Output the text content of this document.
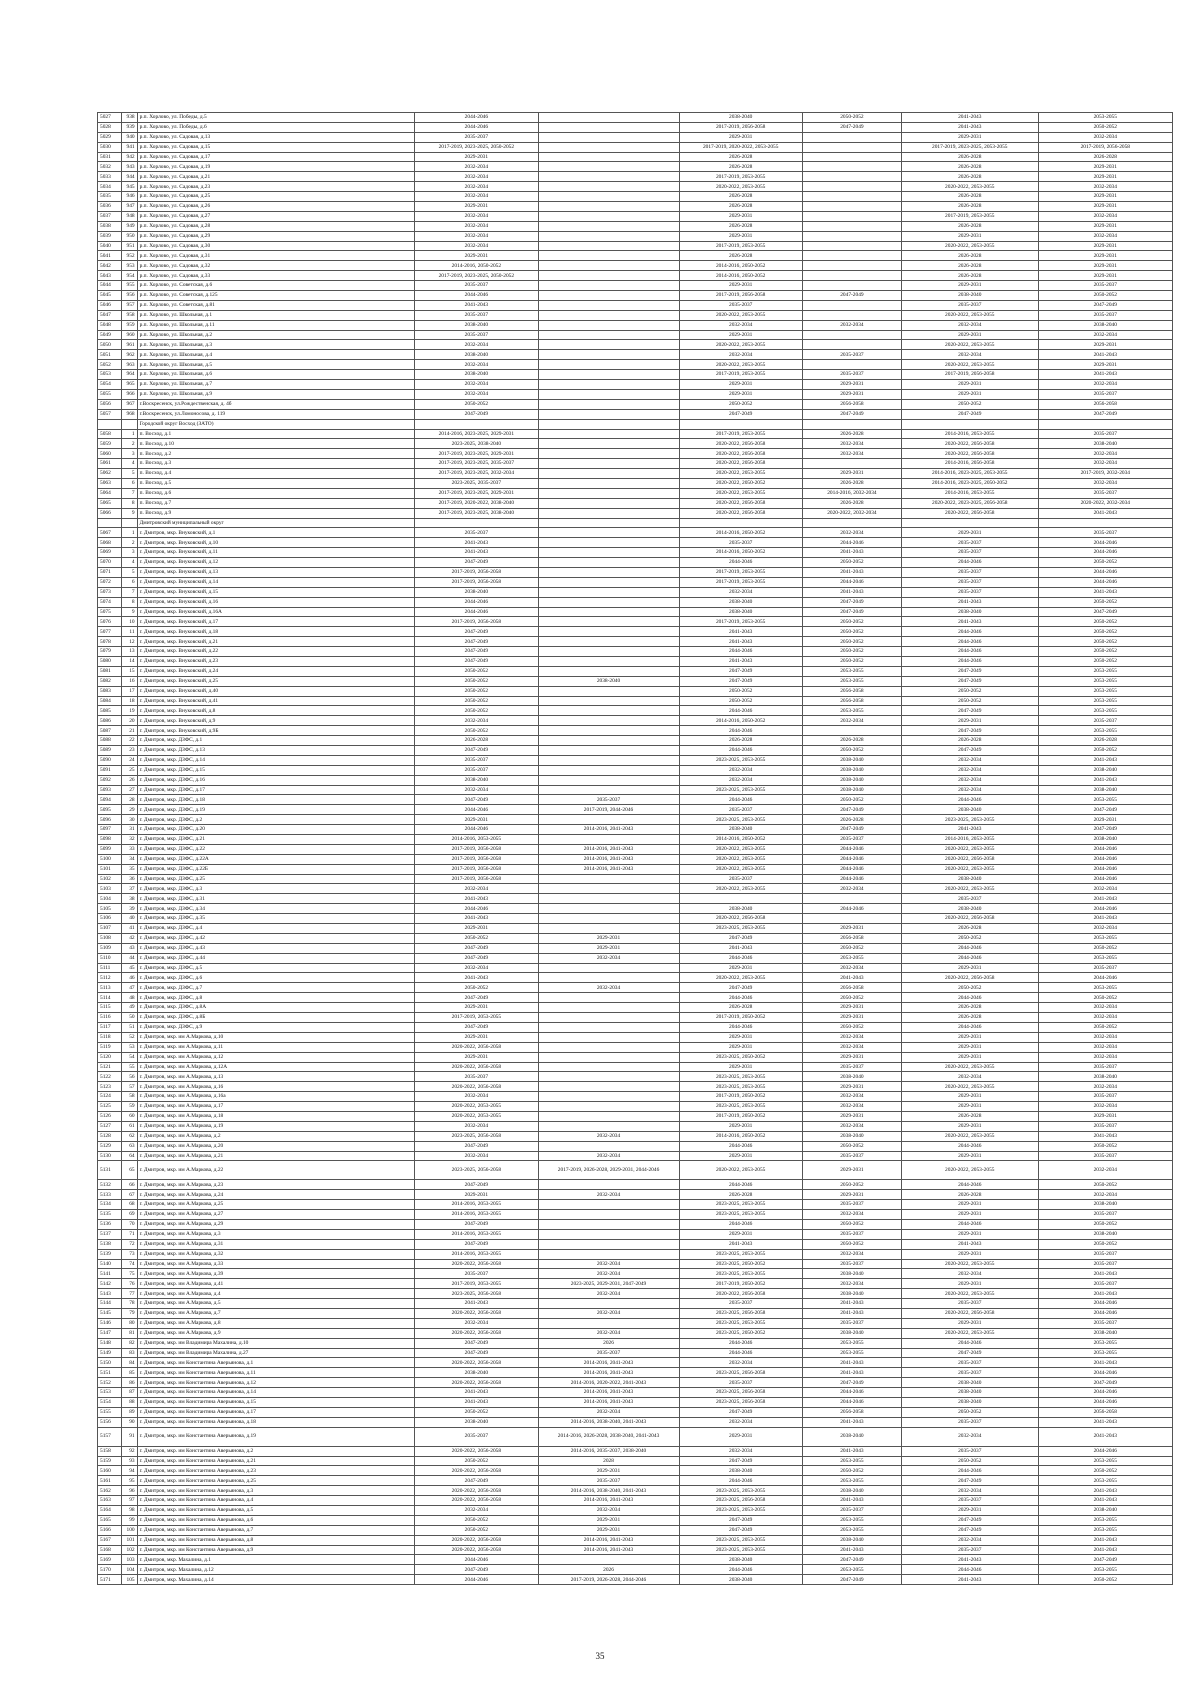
5027	938	р.п. Хорлово, ул. Победы, д.5	2044-2046		2038-2040	2050-2052	2041-2043	2053-2055
5028	939	р.п. Хорлово, ул. Победы, д.6	2044-2046		2017-2019, 2056-2058	2047-2049	2041-2043	2050-2052
5029	940	р.п. Хорлово, ул. Садовая, д.13	2035-2037		2029-2031		2029-2031	2032-2034
5030	941	р.п. Хорлово, ул. Садовая, д.15	2017-2019, 2023-2025, 2050-2052		2017-2019, 2020-2022, 2053-2055		2017-2019, 2023-2025, 2053-2055	2017-2019, 2056-2058
5031	942	р.п. Хорлово, ул. Садовая, д.17	2029-2031		2026-2028		2026-2028	2026-2028
5032	943	р.п. Хорлово, ул. Садовая, д.19	2032-2034		2026-2028		2026-2028	2029-2031
5033	944	р.п. Хорлово, ул. Садовая, д.21	2032-2034		2017-2019, 2053-2055		2026-2028	2029-2031
5034	945	р.п. Хорлово, ул. Садовая, д.23	2032-2034		2020-2022, 2053-2055		2020-2022, 2053-2055	2032-2034
5035	946	р.п. Хорлово, ул. Садовая, д.25	2032-2034		2026-2028		2026-2028	2029-2031
5036	947	р.п. Хорлово, ул. Садовая, д.26	2029-2031		2026-2028		2026-2028	2029-2031
5037	948	р.п. Хорлово, ул. Садовая, д.27	2032-2034		2029-2031		2017-2019, 2053-2055	2032-2034
5038	949	р.п. Хорлово, ул. Садовая, д.28	2032-2034		2026-2028		2026-2028	2029-2031
5039	950	р.п. Хорлово, ул. Садовая, д.29	2032-2034		2029-2031		2029-2031	2032-2034
5040	951	р.п. Хорлово, ул. Садовая, д.30	2032-2034		2017-2019, 2053-2055		2020-2022, 2053-2055	2029-2031
5041	952	р.п. Хорлово, ул. Садовая, д.31	2029-2031		2026-2028		2026-2028	2029-2031
5042	953	р.п. Хорлово, ул. Садовая, д.32	2014-2016, 2050-2052		2014-2016, 2050-2052		2026-2028	2029-2031
5043	954	р.п. Хорлово, ул. Садовая, д.33	2017-2019, 2023-2025, 2050-2052		2014-2016, 2050-2052		2026-2028	2029-2031
5044	955	р.п. Хорлово, ул. Советская, д.6	2035-2037		2029-2031		2029-2031	2035-2037
5045	956	р.п. Хорлово, ул. Советская, д.125	2044-2046		2017-2019, 2056-2058	2047-2049	2038-2040	2050-2052
5046	957	р.п. Хорлово, ул. Советская, д.81	2041-2043		2035-2037		2035-2037	2047-2049
5047	958	р.п. Хорлово, ул. Школьная, д.1	2035-2037		2020-2022, 2053-2055		2020-2022, 2053-2055	2035-2037
5048	959	р.п. Хорлово, ул. Школьная, д.11	2038-2040		2032-2034	2032-2034	2032-2034	2038-2040
5049	960	р.п. Хорлово, ул. Школьная, д.2	2035-2037		2029-2031		2029-2031	2032-2034
5050	961	р.п. Хорлово, ул. Школьная, д.3	2032-2034		2020-2022, 2053-2055		2020-2022, 2053-2055	2029-2031
5051	962	р.п. Хорлово, ул. Школьная, д.4	2038-2040		2032-2034	2035-2037	2032-2034	2041-2043
5052	963	р.п. Хорлово, ул. Школьная, д.5	2032-2034		2020-2022, 2053-2055		2020-2022, 2053-2055	2029-2031
5053	964	р.п. Хорлово, ул. Школьная, д.6	2038-2040		2017-2019, 2053-2055	2035-2037	2017-2019, 2056-2058	2041-2043
5054	965	р.п. Хорлово, ул. Школьная, д.7	2032-2034		2029-2031	2029-2031	2029-2031	2032-2034
5055	966	р.п. Хорлово, ул. Школьная, д.9	2032-2034		2029-2031	2029-2031	2029-2031	2035-2037
5056	967	г.Воскресенск, ул.Рождественская, д. 4б	2050-2052		2050-2052	2056-2058	2050-2052	2056-2058
5057	968	г.Воскресенск, ул.Ломоносова, д. 119	2047-2049		2047-2049	2047-2049	2047-2049	2047-2049
		Городской округ Восход (ЗАТО)						
5058	1	п. Восход, д.1	2014-2016, 2023-2025, 2029-2031		2017-2019, 2053-2055	2026-2028	2014-2016, 2053-2055	2035-2037
5059	2	п. Восход, д.10	2023-2025, 2038-2040		2020-2022, 2056-2058	2032-2034	2020-2022, 2056-2058	2038-2040
5060	3	п. Восход, д.2	2017-2019, 2023-2025, 2029-2031		2020-2022, 2056-2058	2032-2034	2020-2022, 2056-2058	2032-2034
5061	4	п. Восход, д.3	2017-2019, 2023-2025, 2035-2037		2020-2022, 2056-2058		2014-2016, 2056-2058	2032-2034
5062	5	п. Восход, д.4	2017-2019, 2023-2025, 2032-2034		2020-2022, 2053-2055	2029-2031	2014-2016, 2023-2025, 2053-2055	2017-2019, 2032-2034
5063	6	п. Восход, д.5	2023-2025, 2035-2037		2020-2022, 2050-2052	2026-2028	2014-2016, 2023-2025, 2050-2052	2032-2034
5064	7	п. Восход, д.6	2017-2019, 2023-2025, 2029-2031		2020-2022, 2053-2055	2014-2016, 2032-2034	2014-2016, 2053-2055	2035-2037
5065	8	п. Восход, д.7	2017-2019, 2020-2022, 2038-2040		2020-2022, 2056-2058	2026-2028	2020-2022, 2023-2025, 2056-2058	2020-2022, 2032-2034
5066	9	п. Восход, д.9	2017-2019, 2023-2025, 2038-2040		2020-2022, 2056-2058	2020-2022, 2032-2034	2020-2022, 2056-2058	2041-2043
		Дмитровский муниципальный округ						
5067	1	г. Дмитров, мкр. Внуковский, д.1	2035-2037		2014-2016, 2050-2052	2032-2034	2029-2031	2035-2037
5068	2	г. Дмитров, мкр. Внуковский, д.10	2041-2043		2035-2037	2044-2046	2035-2037	2044-2046
5069	3	г. Дмитров, мкр. Внуковский, д.11	2041-2043		2014-2016, 2050-2052	2041-2043	2035-2037	2044-2046
5070	4	г. Дмитров, мкр. Внуковский, д.12	2047-2049		2044-2046	2050-2052	2044-2046	2050-2052
5071	5	г. Дмитров, мкр. Внуковский, д.13	2017-2019, 2056-2058		2017-2019, 2053-2055	2041-2043	2035-2037	2044-2046
5072	6	г. Дмитров, мкр. Внуковский, д.14	2017-2019, 2056-2058		2017-2019, 2053-2055	2044-2046	2035-2037	2044-2046
5073	7	г. Дмитров, мкр. Внуковский, д.15	2038-2040		2032-2034	2041-2043	2035-2037	2041-2043
5074	8	г. Дмитров, мкр. Внуковский, д.16	2044-2046		2038-2040	2047-2049	2041-2043	2050-2052
5075	9	г. Дмитров, мкр. Внуковский, д.16А	2044-2046		2038-2040	2047-2049	2038-2040	2047-2049
5076	10	г. Дмитров, мкр. Внуковский, д.17	2017-2019, 2056-2058		2017-2019, 2053-2055	2050-2052	2041-2043	2050-2052
5077	11	г. Дмитров, мкр. Внуковский, д.18	2047-2049		2041-2043	2050-2052	2044-2046	2050-2052
5078	12	г. Дмитров, мкр. Внуковский, д.21	2047-2049		2041-2043	2050-2052	2044-2046	2050-2052
5079	13	г. Дмитров, мкр. Внуковский, д.22	2047-2049		2044-2046	2050-2052	2044-2046	2050-2052
5080	14	г. Дмитров, мкр. Внуковский, д.23	2047-2049		2041-2043	2050-2052	2044-2046	2050-2052
5081	15	г. Дмитров, мкр. Внуковский, д.24	2050-2052		2047-2049	2053-2055	2047-2049	2053-2055
5082	16	г. Дмитров, мкр. Внуковский, д.25	2050-2052	2038-2040	2047-2049	2053-2055	2047-2049	2053-2055
5083	17	г. Дмитров, мкр. Внуковский, д.40	2050-2052		2050-2052	2056-2058	2050-2052	2053-2055
5084	18	г. Дмитров, мкр. Внуковский, д.41	2050-2052		2050-2052	2056-2058	2050-2052	2053-2055
5085	19	г. Дмитров, мкр. Внуковский, д.8	2050-2052		2044-2046	2053-2055	2047-2049	2053-2055
5086	20	г. Дмитров, мкр. Внуковский, д.9	2032-2034		2014-2016, 2050-2052	2032-2034	2029-2031	2035-2037
5087	21	г. Дмитров, мкр. Внуковский, д.9Б	2050-2052		2044-2046		2047-2049	2053-2055
5088	22	г. Дмитров, мкр. ДЗФС, д.1	2026-2028		2026-2028	2026-2028	2026-2028	2026-2028
5089	23	г. Дмитров, мкр. ДЗФС, д.13	2047-2049		2044-2046	2050-2052	2047-2049	2050-2052
5090	24	г. Дмитров, мкр. ДЗФС, д.14	2035-2037		2023-2025, 2053-2055	2038-2040	2032-2034	2041-2043
5091	25	г. Дмитров, мкр. ДЗФС, д.15	2035-2037		2032-2034	2038-2040	2032-2034	2038-2040
5092	26	г. Дмитров, мкр. ДЗФС, д.16	2038-2040		2032-2034	2038-2040	2032-2034	2041-2043
5093	27	г. Дмитров, мкр. ДЗФС, д.17	2032-2034		2023-2025, 2053-2055	2038-2040	2032-2034	2038-2040
5094	28	г. Дмитров, мкр. ДЗФС, д.18	2047-2049	2035-2037	2044-2046	2050-2052	2044-2046	2053-2055
5095	29	г. Дмитров, мкр. ДЗФС, д.19	2044-2046	2017-2019, 2044-2046	2035-2037	2047-2049	2038-2040	2047-2049
5096	30	г. Дмитров, мкр. ДЗФС, д.2	2029-2031		2023-2025, 2053-2055	2026-2028	2023-2025, 2053-2055	2029-2031
5097	31	г. Дмитров, мкр. ДЗФС, д.20	2044-2046	2014-2016, 2041-2043	2038-2040	2047-2049	2041-2043	2047-2049
5098	32	г. Дмитров, мкр. ДЗФС, д.21	2014-2016, 2053-2055		2014-2016, 2050-2052	2035-2037	2014-2016, 2053-2055	2038-2040
5099	33	г. Дмитров, мкр. ДЗФС, д.22	2017-2019, 2056-2058	2014-2016, 2041-2043	2020-2022, 2053-2055	2044-2046	2020-2022, 2053-2055	2044-2046
5100	34	г. Дмитров, мкр. ДЗФС, д.22А	2017-2019, 2056-2058	2014-2016, 2041-2043	2020-2022, 2053-2055	2044-2046	2020-2022, 2056-2058	2044-2046
5101	35	г. Дмитров, мкр. ДЗФС, д.22Б	2017-2019, 2056-2058	2014-2016, 2041-2043	2020-2022, 2053-2055	2044-2046	2020-2022, 2053-2055	2044-2046
5102	36	г. Дмитров, мкр. ДЗФС, д.25	2017-2019, 2056-2058		2035-2037	2044-2046	2038-2040	2044-2046
5103	37	г. Дмитров, мкр. ДЗФС, д.3	2032-2034		2020-2022, 2053-2055	2032-2034	2020-2022, 2053-2055	2032-2034
5104	38	г. Дмитров, мкр. ДЗФС, д.31	2041-2043				2035-2037	2041-2043
5105	39	г. Дмитров, мкр. ДЗФС, д.34	2044-2046		2038-2040	2044-2046	2038-2040	2044-2046
5106	40	г. Дмитров, мкр. ДЗФС, д.35	2041-2043		2020-2022, 2056-2058		2020-2022, 2056-2058	2041-2043
5107	41	г. Дмитров, мкр. ДЗФС, д.4	2029-2031		2023-2025, 2053-2055	2029-2031	2026-2028	2032-2034
5108	42	г. Дмитров, мкр. ДЗФС, д.42	2050-2052	2029-2031	2047-2049	2056-2058	2050-2052	2053-2055
5109	43	г. Дмитров, мкр. ДЗФС, д.43	2047-2049	2029-2031	2041-2043	2050-2052	2044-2046	2050-2052
5110	44	г. Дмитров, мкр. ДЗФС, д.44	2047-2049	2032-2034	2044-2046	2053-2055	2044-2046	2053-2055
5111	45	г. Дмитров, мкр. ДЗФС, д.5	2032-2034		2029-2031	2032-2034	2029-2031	2035-2037
5112	46	г. Дмитров, мкр. ДЗФС, д.6	2041-2043		2020-2022, 2053-2055	2041-2043	2020-2022, 2056-2058	2044-2046
5113	47	г. Дмитров, мкр. ДЗФС, д.7	2050-2052	2032-2034	2047-2049	2056-2058	2050-2052	2053-2055
5114	48	г. Дмитров, мкр. ДЗФС, д.8	2047-2049		2044-2046	2050-2052	2044-2046	2050-2052
5115	49	г. Дмитров, мкр. ДЗФС, д.8А	2029-2031		2026-2028	2029-2031	2026-2028	2032-2034
5116	50	г. Дмитров, мкр. ДЗФС, д.8Б	2017-2019, 2053-2055		2017-2019, 2050-2052	2029-2031	2026-2028	2032-2034
5117	51	г. Дмитров, мкр. ДЗФС, д.9	2047-2049		2044-2046	2050-2052	2044-2046	2050-2052
5118	52	г. Дмитров, мкр. им А.Маркова, д.10	2029-2031		2029-2031	2032-2034	2029-2031	2032-2034
5119	53	г. Дмитров, мкр. им А.Маркова, д.11	2020-2022, 2056-2058		2029-2031	2032-2034	2029-2031	2032-2034
5120	54	г. Дмитров, мкр. им А.Маркова, д.12	2029-2031		2023-2025, 2050-2052	2029-2031	2029-2031	2032-2034
5121	55	г. Дмитров, мкр. им А.Маркова, д.12А	2020-2022, 2056-2058		2029-2031	2035-2037	2020-2022, 2053-2055	2035-2037
5122	56	г. Дмитров, мкр. им А.Маркова, д.13	2035-2037		2023-2025, 2053-2055	2038-2040	2032-2034	2038-2040
5123	57	г. Дмитров, мкр. им А.Маркова, д.16	2020-2022, 2056-2058		2023-2025, 2053-2055	2029-2031	2020-2022, 2053-2055	2032-2034
5124	58	г. Дмитров, мкр. им А.Маркова, д.16а	2032-2034		2017-2019, 2050-2052	2032-2034	2029-2031	2035-2037
5125	59	г. Дмитров, мкр. им А.Маркова, д.17	2020-2022, 2053-2055		2023-2025, 2053-2055	2032-2034	2029-2031	2032-2034
5126	60	г. Дмитров, мкр. им А.Маркова, д.18	2020-2022, 2053-2055		2017-2019, 2050-2052	2029-2031	2026-2028	2029-2031
5127	61	г. Дмитров, мкр. им А.Маркова, д.19	2032-2034		2029-2031	2032-2034	2029-2031	2035-2037
5128	62	г. Дмитров, мкр. им А.Маркова, д.2	2023-2025, 2056-2058	2032-2034	2014-2016, 2050-2052	2038-2040	2020-2022, 2053-2055	2041-2043
5129	63	г. Дмитров, мкр. им А.Маркова, д.20	2047-2049		2044-2046	2050-2052	2044-2046	2050-2052
5130	64	г. Дмитров, мкр. им А.Маркова, д.21	2032-2034	2032-2034	2029-2031	2035-2037	2029-2031	2035-2037
5131	65	г. Дмитров, мкр. им А.Маркова, д.22	2023-2025, 2056-2058	2017-2019, 2026-2028, 2029-2031, 2044-2046	2020-2022, 2053-2055	2029-2031	2020-2022, 2053-2055	2032-2034
5132	66	г. Дмитров, мкр. им А.Маркова, д.23	2047-2049		2044-2046	2050-2052	2044-2046	2050-2052
5133	67	г. Дмитров, мкр. им А.Маркова, д.24	2029-2031	2032-2034	2026-2028	2029-2031	2026-2028	2032-2034
5134	68	г. Дмитров, мкр. им А.Маркова, д.25	2014-2016, 2053-2055		2023-2025, 2053-2055	2035-2037	2029-2031	2038-2040
5135	69	г. Дмитров, мкр. им А.Маркова, д.27	2014-2016, 2053-2055		2023-2025, 2053-2055	2032-2034	2029-2031	2035-2037
5136	70	г. Дмитров, мкр. им А.Маркова, д.29	2047-2049		2044-2046	2050-2052	2044-2046	2050-2052
5137	71	г. Дмитров, мкр. им А.Маркова, д.3	2014-2016, 2053-2055		2029-2031	2035-2037	2029-2031	2038-2040
5138	72	г. Дмитров, мкр. им А.Маркова, д.31	2047-2049		2041-2043	2050-2052	2041-2043	2050-2052
5139	73	г. Дмитров, мкр. им А.Маркова, д.32	2014-2016, 2053-2055		2023-2025, 2053-2055	2032-2034	2029-2031	2035-2037
5140	74	г. Дмитров, мкр. им А.Маркова, д.33	2020-2022, 2056-2058	2032-2034	2023-2025, 2050-2052	2035-2037	2020-2022, 2053-2055	2035-2037
5141	75	г. Дмитров, мкр. им А.Маркова, д.39	2035-2037	2032-2034	2023-2025, 2053-2055	2038-2040	2032-2034	2041-2043
5142	76	г. Дмитров, мкр. им А.Маркова, д.41	2017-2019, 2053-2055	2023-2025, 2029-2031, 2047-2049	2017-2019, 2050-2052	2032-2034	2029-2031	2035-2037
5143	77	г. Дмитров, мкр. им А.Маркова, д.4	2023-2025, 2056-2058	2032-2034	2020-2022, 2056-2058	2038-2040	2020-2022, 2053-2055	2041-2043
5144	78	г. Дмитров, мкр. им А.Маркова, д.5	2041-2043		2035-2037	2041-2043	2035-2037	2044-2046
5145	79	г. Дмитров, мкр. им А.Маркова, д.7	2020-2022, 2056-2058	2032-2034	2023-2025, 2056-2058	2041-2043	2020-2022, 2056-2058	2044-2046
5146	80	г. Дмитров, мкр. им А.Маркова, д.8	2032-2034		2023-2025, 2053-2055	2035-2037	2029-2031	2035-2037
5147	81	г. Дмитров, мкр. им А.Маркова, д.9	2020-2022, 2056-2058	2032-2034	2023-2025, 2050-2052	2038-2040	2020-2022, 2053-2055	2038-2040
5148	82	г. Дмитров, мкр. им Владимира Махалина, д.10	2047-2049	2026	2044-2046	2053-2055	2044-2046	2053-2055
5149	83	г. Дмитров, мкр. им Владимира Махалина, д.27	2047-2049	2035-2037	2044-2046	2053-2055	2047-2049	2053-2055
5150	84	г. Дмитров, мкр. им Константина Аверьянова, д.1	2020-2022, 2056-2058	2014-2016, 2041-2043	2032-2034	2041-2043	2035-2037	2041-2043
5151	85	г. Дмитров, мкр. им Константина Аверьянова, д.11	2038-2040	2014-2016, 2041-2043	2023-2025, 2056-2058	2041-2043	2035-2037	2044-2046
5152	86	г. Дмитров, мкр. им Константина Аверьянова, д.12	2020-2022, 2056-2058	2014-2016, 2020-2022, 2041-2043	2035-2037	2047-2049	2038-2040	2047-2049
5153	87	г. Дмитров, мкр. им Константина Аверьянова, д.14	2041-2043	2014-2016, 2041-2043	2023-2025, 2056-2058	2044-2046	2038-2040	2044-2046
5154	88	г. Дмитров, мкр. им Константина Аверьянова, д.15	2041-2043	2014-2016, 2041-2043	2023-2025, 2056-2058	2044-2046	2038-2040	2044-2046
5155	89	г. Дмитров, мкр. им Константина Аверьянова, д.17	2050-2052	2032-2034	2047-2049	2056-2058	2050-2052	2056-2058
5156	90	г. Дмитров, мкр. им Константина Аверьянова, д.18	2038-2040	2014-2016, 2038-2040, 2041-2043	2032-2034	2041-2043	2035-2037	2041-2043
5157	91	г. Дмитров, мкр. им Константина Аверьянова, д.19	2035-2037	2014-2016, 2026-2028, 2038-2040, 2041-2043	2029-2031	2038-2040	2032-2034	2041-2043
5158	92	г. Дмитров, мкр. им Константина Аверьянова, д.2	2020-2022, 2056-2058	2014-2016, 2035-2037, 2038-2040	2032-2034	2041-2043	2035-2037	2044-2046
5159	93	г. Дмитров, мкр. им Константина Аверьянова, д.21	2050-2052	2028	2047-2049	2053-2055	2050-2052	2053-2055
5160	94	г. Дмитров, мкр. им Константина Аверьянова, д.23	2020-2022, 2056-2058	2029-2031	2038-2040	2050-2052	2044-2046	2050-2052
5161	95	г. Дмитров, мкр. им Константина Аверьянова, д.25	2047-2049	2035-2037	2044-2046	2053-2055	2047-2049	2053-2055
5162	96	г. Дмитров, мкр. им Константина Аверьянова, д.3	2020-2022, 2056-2058	2014-2016, 2038-2040, 2041-2043	2023-2025, 2053-2055	2038-2040	2032-2034	2041-2043
5163	97	г. Дмитров, мкр. им Константина Аверьянова, д.4	2020-2022, 2056-2058	2014-2016, 2041-2043	2023-2025, 2056-2058	2041-2043	2035-2037	2041-2043
5164	98	г. Дмитров, мкр. им Константина Аверьянова, д.5	2032-2034	2032-2034	2023-2025, 2053-2055	2035-2037	2029-2031	2038-2040
5165	99	г. Дмитров, мкр. им Константина Аверьянова, д.6	2050-2052	2029-2031	2047-2049	2053-2055	2047-2049	2053-2055
5166	100	г. Дмитров, мкр. им Константина Аверьянова, д.7	2050-2052	2029-2031	2047-2049	2053-2055	2047-2049	2053-2055
5167	101	г. Дмитров, мкр. им Константина Аверьянова, д.8	2020-2022, 2056-2058	2014-2016, 2041-2043	2023-2025, 2053-2055	2038-2040	2032-2034	2041-2043
5168	102	г. Дмитров, мкр. им Константина Аверьянова, д.9	2020-2022, 2056-2058	2014-2016, 2041-2043	2023-2025, 2053-2055	2041-2043	2035-2037	2041-2043
5169	103	г. Дмитров, мкр. Махалина, д.1	2044-2046		2038-2040	2047-2049	2041-2043	2047-2049
5170	104	г. Дмитров, мкр. Махалина, д.12	2047-2049	2026	2044-2046	2053-2055	2044-2046	2053-2055
5171	105	г. Дмитров, мкр. Махалина, д.14	2044-2046	2017-2019, 2026-2028, 2044-2046	2038-2040	2047-2049	2041-2043	2050-2052
35
